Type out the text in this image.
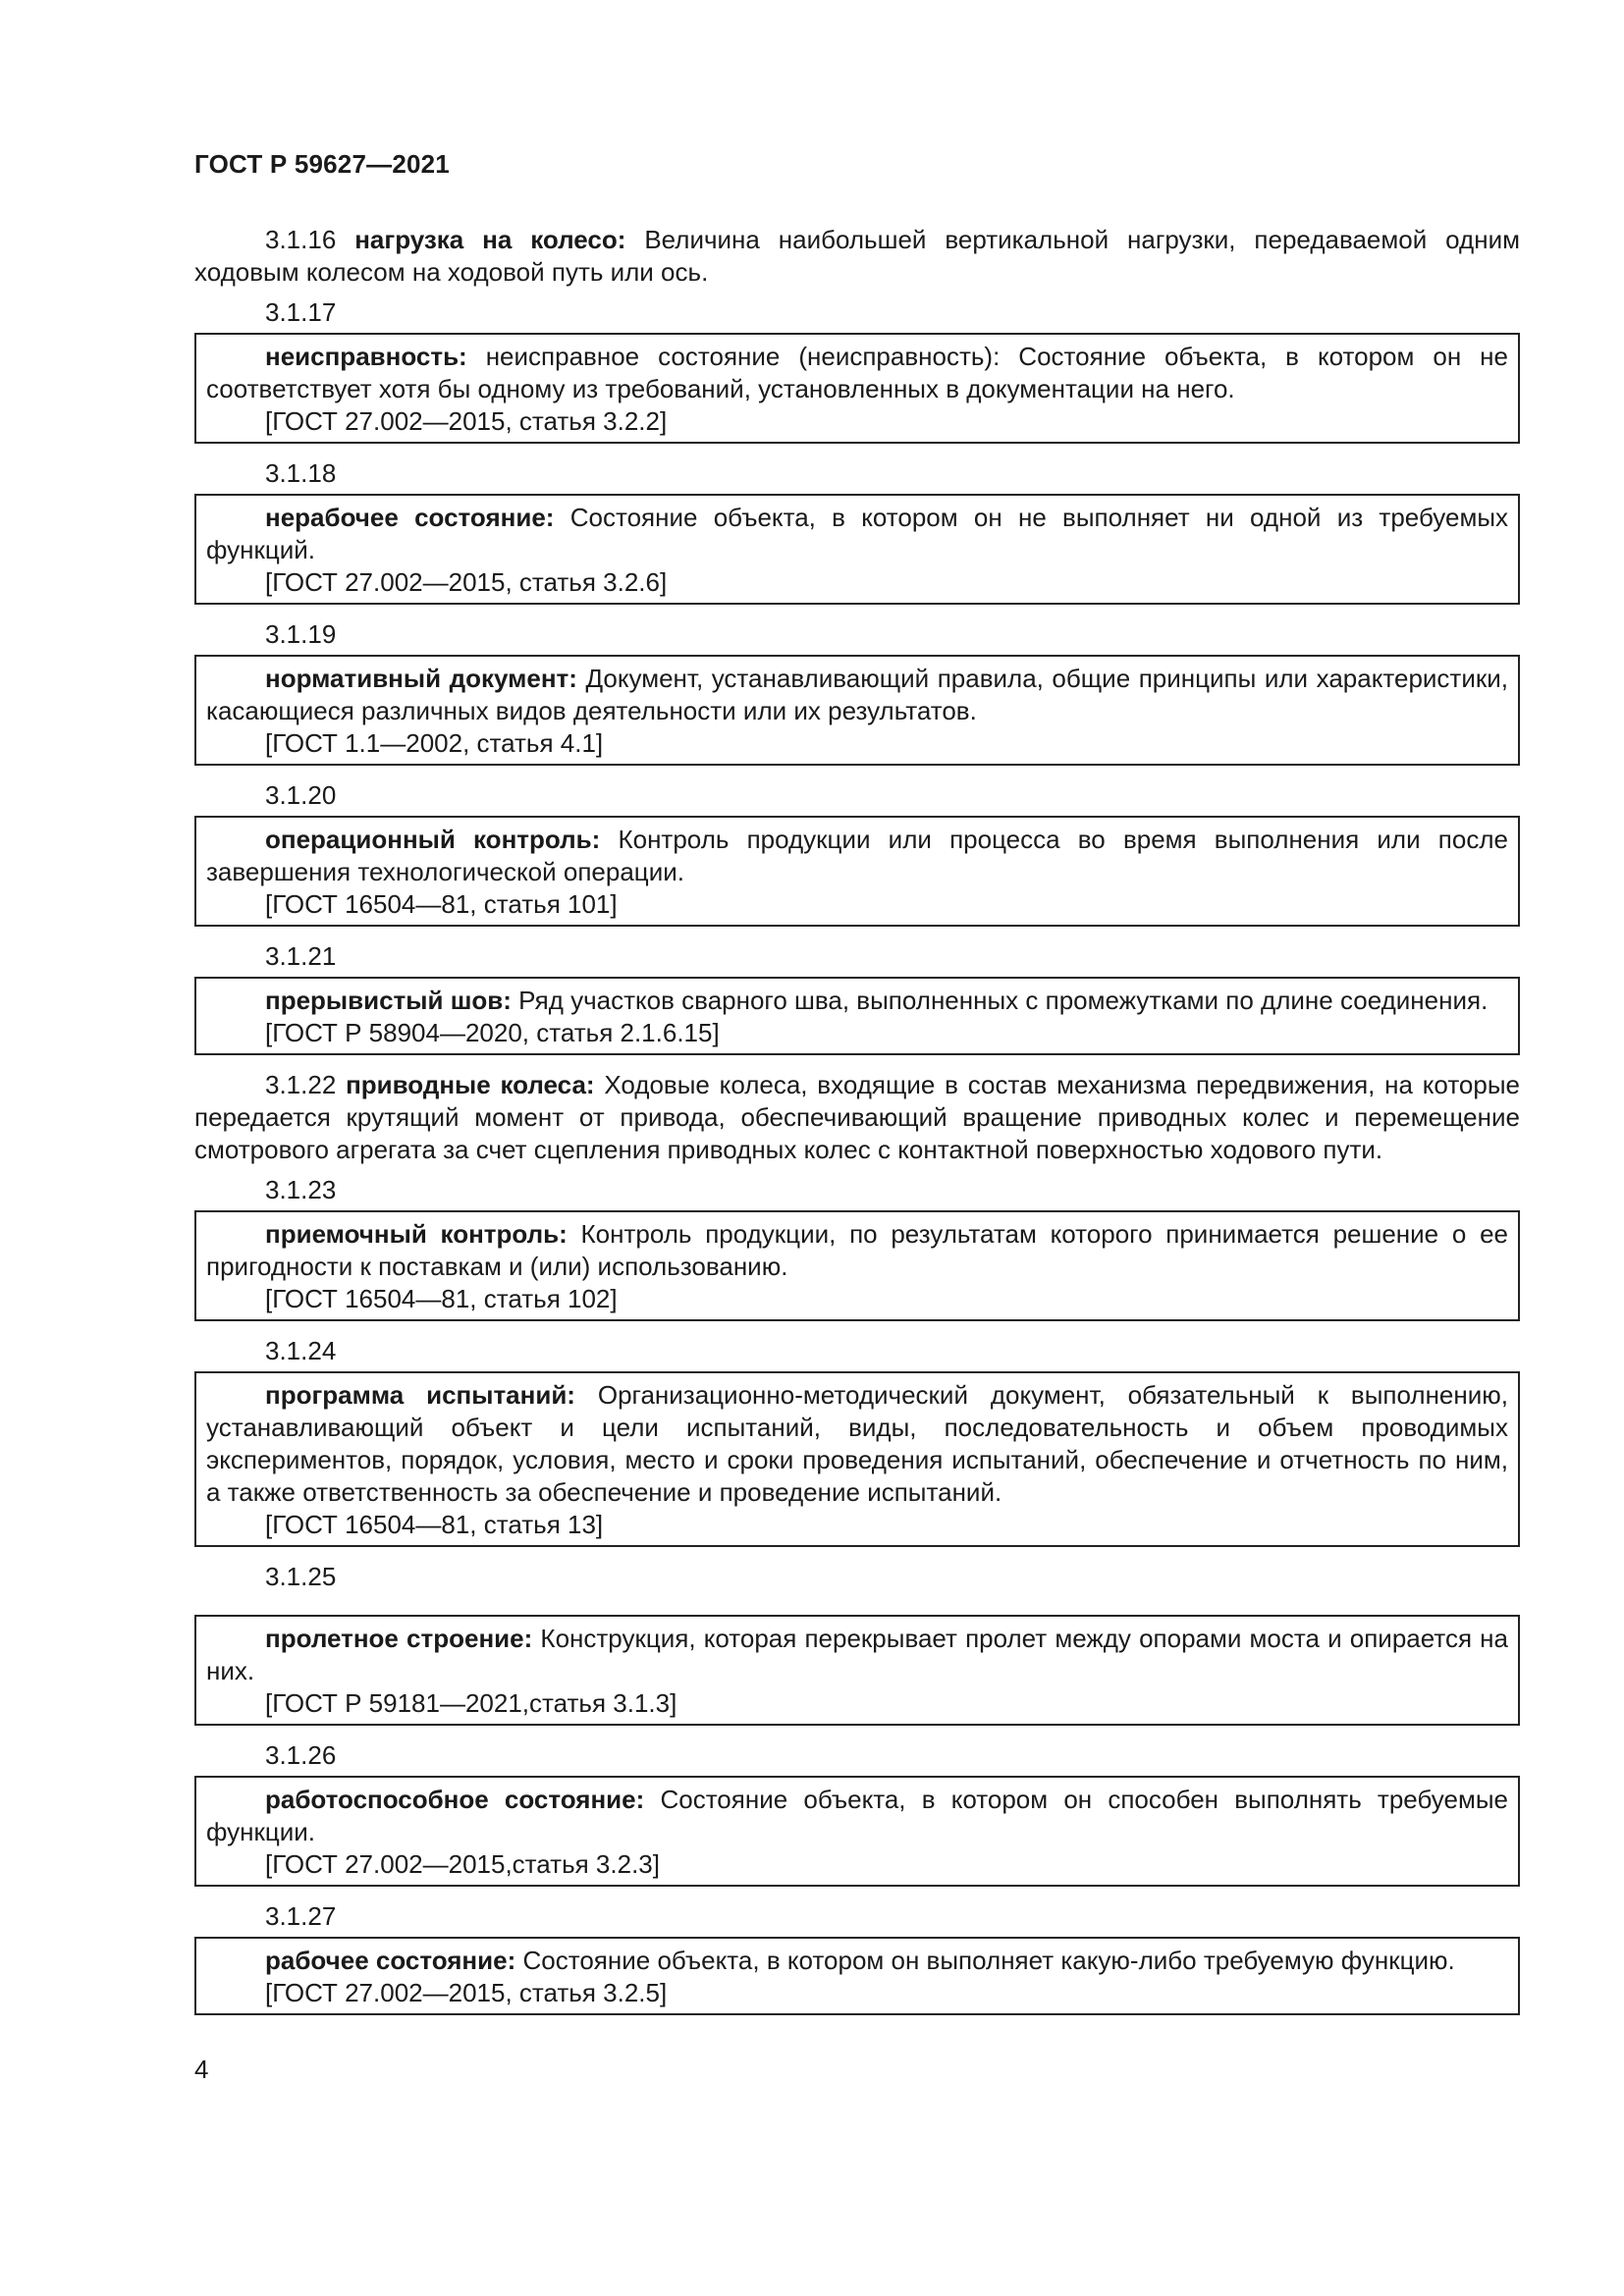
ГОСТ Р 59627—2021

3.1.16 нагрузка на колесо: Величина наибольшей вертикальной нагрузки, передаваемой одним ходовым колесом на ходовой путь или ось.

3.1.17

неисправность: неисправное состояние (неисправность): Состояние объекта, в котором он не соответствует хотя бы одному из требований, установленных в документации на него.

[ГОСТ 27.002—2015, статья 3.2.2]

3.1.18

нерабочее состояние: Состояние объекта, в котором он не выполняет ни одной из требуемых функций.

[ГОСТ 27.002—2015, статья 3.2.6]

3.1.19

нормативный документ: Документ, устанавливающий правила, общие принципы или характеристики, касающиеся различных видов деятельности или их результатов.

[ГОСТ 1.1—2002, статья 4.1]

3.1.20

операционный контроль: Контроль продукции или процесса во время выполнения или после завершения технологической операции.

[ГОСТ 16504—81, статья 101]

3.1.21

прерывистый шов: Ряд участков сварного шва, выполненных с промежутками по длине соединения.

[ГОСТ Р 58904—2020, статья 2.1.6.15]

3.1.22 приводные колеса: Ходовые колеса, входящие в состав механизма передвижения, на которые передается крутящий момент от привода, обеспечивающий вращение приводных колес и перемещение смотрового агрегата за счет сцепления приводных колес с контактной поверхностью ходового пути.

3.1.23

приемочный контроль: Контроль продукции, по результатам которого принимается решение о ее пригодности к поставкам и (или) использованию.

[ГОСТ 16504—81, статья 102]

3.1.24

программа испытаний: Организационно-методический документ, обязательный к выполнению, устанавливающий объект и цели испытаний, виды, последовательность и объем проводимых экспериментов, порядок, условия, место и сроки проведения испытаний, обеспечение и отчетность по ним, а также ответственность за обеспечение и проведение испытаний.

[ГОСТ 16504—81, статья 13]

3.1.25

пролетное строение: Конструкция, которая перекрывает пролет между опорами моста и опирается на них.

[ГОСТ Р 59181—2021,статья 3.1.3]

3.1.26

работоспособное состояние: Состояние объекта, в котором он способен выполнять требуемые функции.

[ГОСТ 27.002—2015,статья 3.2.3]

3.1.27

рабочее состояние: Состояние объекта, в котором он выполняет какую-либо требуемую функцию.

[ГОСТ 27.002—2015, статья 3.2.5]

4
